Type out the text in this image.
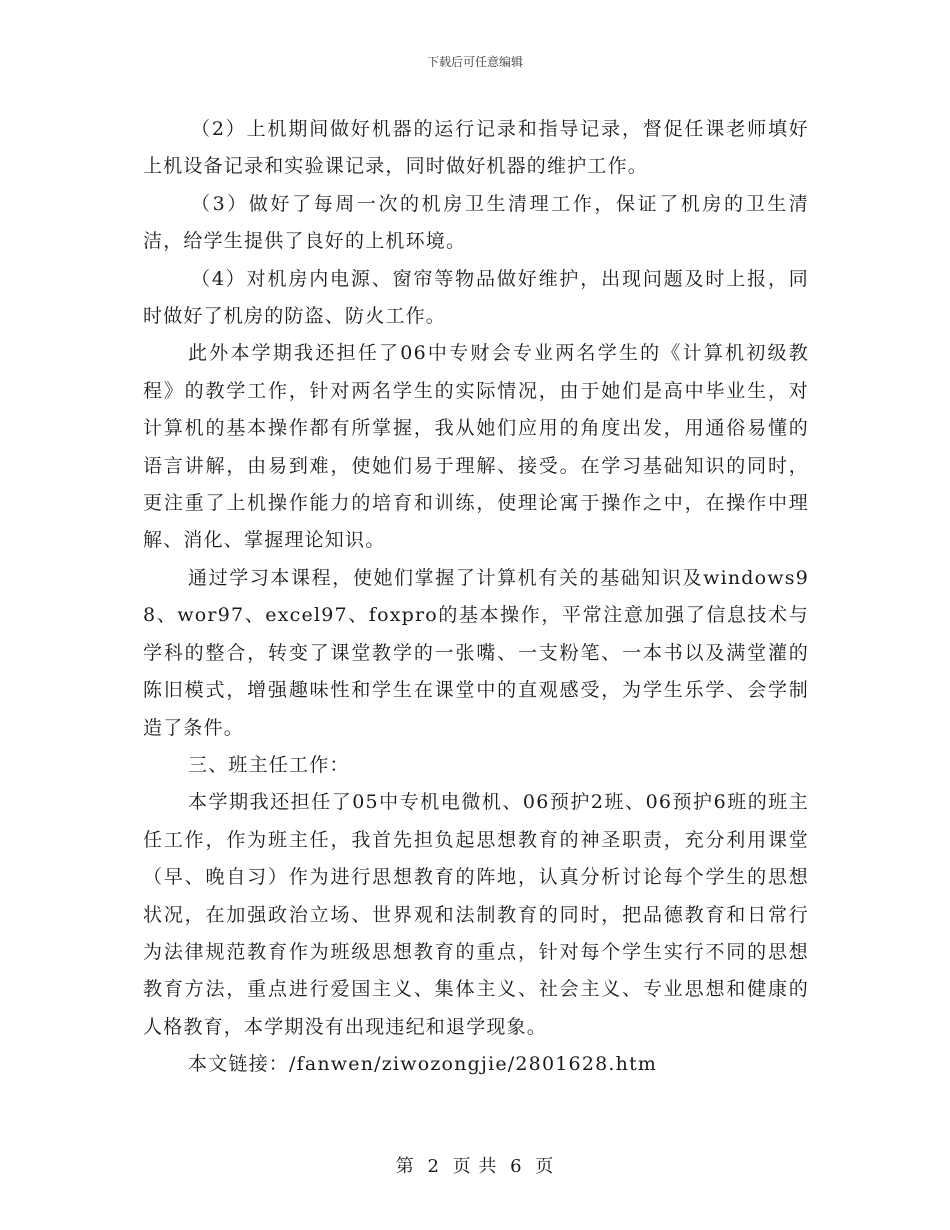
下载后可任意编辑

（2）上机期间做好机器的运行记录和指导记录，督促任课老师填好上机设备记录和实验课记录，同时做好机器的维护工作。

（3）做好了每周一次的机房卫生清理工作，保证了机房的卫生清洁，给学生提供了良好的上机环境。

（4）对机房内电源、窗帘等物品做好维护，出现问题及时上报，同时做好了机房的防盗、防火工作。

此外本学期我还担任了06中专财会专业两名学生的《计算机初级教程》的教学工作，针对两名学生的实际情况，由于她们是高中毕业生，对计算机的基本操作都有所掌握，我从她们应用的角度出发，用通俗易懂的语言讲解，由易到难，使她们易于理解、接受。在学习基础知识的同时，更注重了上机操作能力的培育和训练，使理论寓于操作之中，在操作中理解、消化、掌握理论知识。

通过学习本课程，使她们掌握了计算机有关的基础知识及windows98、wor97、excel97、foxpro的基本操作，平常注意加强了信息技术与学科的整合，转变了课堂教学的一张嘴、一支粉笔、一本书以及满堂灌的陈旧模式，增强趣味性和学生在课堂中的直观感受，为学生乐学、会学制造了条件。

三、班主任工作：

本学期我还担任了05中专机电微机、06预护2班、06预护6班的班主任工作，作为班主任，我首先担负起思想教育的神圣职责，充分利用课堂（早、晚自习）作为进行思想教育的阵地，认真分析讨论每个学生的思想状况，在加强政治立场、世界观和法制教育的同时，把品德教育和日常行为法律规范教育作为班级思想教育的重点，针对每个学生实行不同的思想教育方法，重点进行爱国主义、集体主义、社会主义、专业思想和健康的人格教育，本学期没有出现违纪和退学现象。

本文链接：/fanwen/ziwozongjie/2801628.htm

第 2 页 共 6 页
